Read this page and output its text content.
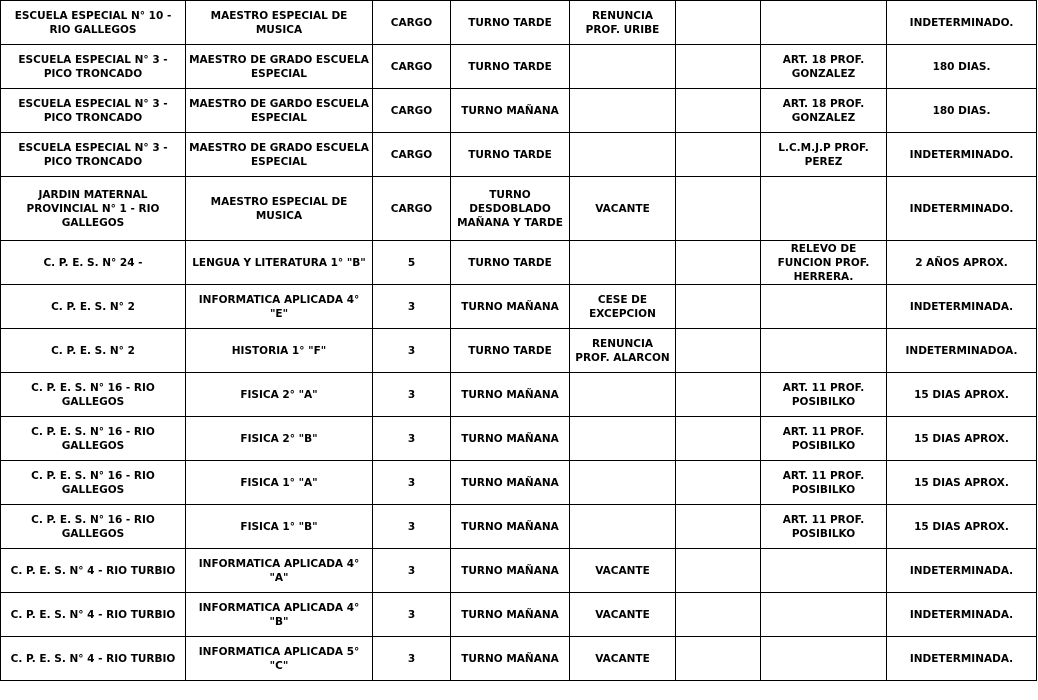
ESCUELA ESPECIAL N° 10 - RIO GALLEGOS	MAESTRO ESPECIAL DE MUSICA	CARGO	TURNO TARDE	RENUNCIA PROF. URIBE			INDETERMINADO.
ESCUELA ESPECIAL N° 3 - PICO TRONCADO	MAESTRO DE GRADO ESCUELA ESPECIAL	CARGO	TURNO TARDE			ART. 18 PROF. GONZALEZ	180 DIAS.
ESCUELA ESPECIAL N° 3 - PICO TRONCADO	MAESTRO DE GARDO ESCUELA ESPECIAL	CARGO	TURNO MAÑANA			ART. 18 PROF. GONZALEZ	180 DIAS.
ESCUELA ESPECIAL N° 3 - PICO TRONCADO	MAESTRO DE GRADO ESCUELA ESPECIAL	CARGO	TURNO TARDE			L.C.M.J.P PROF. PEREZ	INDETERMINADO.
JARDIN MATERNAL PROVINCIAL N° 1 - RIO GALLEGOS	MAESTRO ESPECIAL DE MUSICA	CARGO	TURNO DESDOBLADO MAÑANA Y TARDE	VACANTE			INDETERMINADO.
C. P. E. S. N° 24 -	LENGUA Y LITERATURA 1° "B"	5	TURNO TARDE			RELEVO DE FUNCION PROF. HERRERA.	2 AÑOS APROX.
C. P. E. S. N° 2	INFORMATICA APLICADA 4° "E"	3	TURNO MAÑANA	CESE DE EXCEPCION			INDETERMINADA.
C. P. E. S. N° 2	HISTORIA 1° "F"	3	TURNO TARDE	RENUNCIA PROF. ALARCON			INDETERMINADOA.
C. P. E. S. N° 16 - RIO GALLEGOS	FISICA 2° "A"	3	TURNO MAÑANA			ART. 11 PROF. POSIBILKO	15 DIAS APROX.
C. P. E. S. N° 16 - RIO GALLEGOS	FISICA 2° "B"	3	TURNO MAÑANA			ART. 11 PROF. POSIBILKO	15 DIAS APROX.
C. P. E. S. N° 16 - RIO GALLEGOS	FISICA 1° "A"	3	TURNO MAÑANA			ART. 11 PROF. POSIBILKO	15 DIAS APROX.
C. P. E. S. N° 16 - RIO GALLEGOS	FISICA 1° "B"	3	TURNO MAÑANA			ART. 11 PROF. POSIBILKO	15 DIAS APROX.
C. P. E. S. N° 4 - RIO TURBIO	INFORMATICA APLICADA 4° "A"	3	TURNO MAÑANA	VACANTE			INDETERMINADA.
C. P. E. S. N° 4 - RIO TURBIO	INFORMATICA APLICADA 4° "B"	3	TURNO MAÑANA	VACANTE			INDETERMINADA.
C. P. E. S. N° 4 - RIO TURBIO	INFORMATICA APLICADA 5° "C"	3	TURNO MAÑANA	VACANTE			INDETERMINADA.
